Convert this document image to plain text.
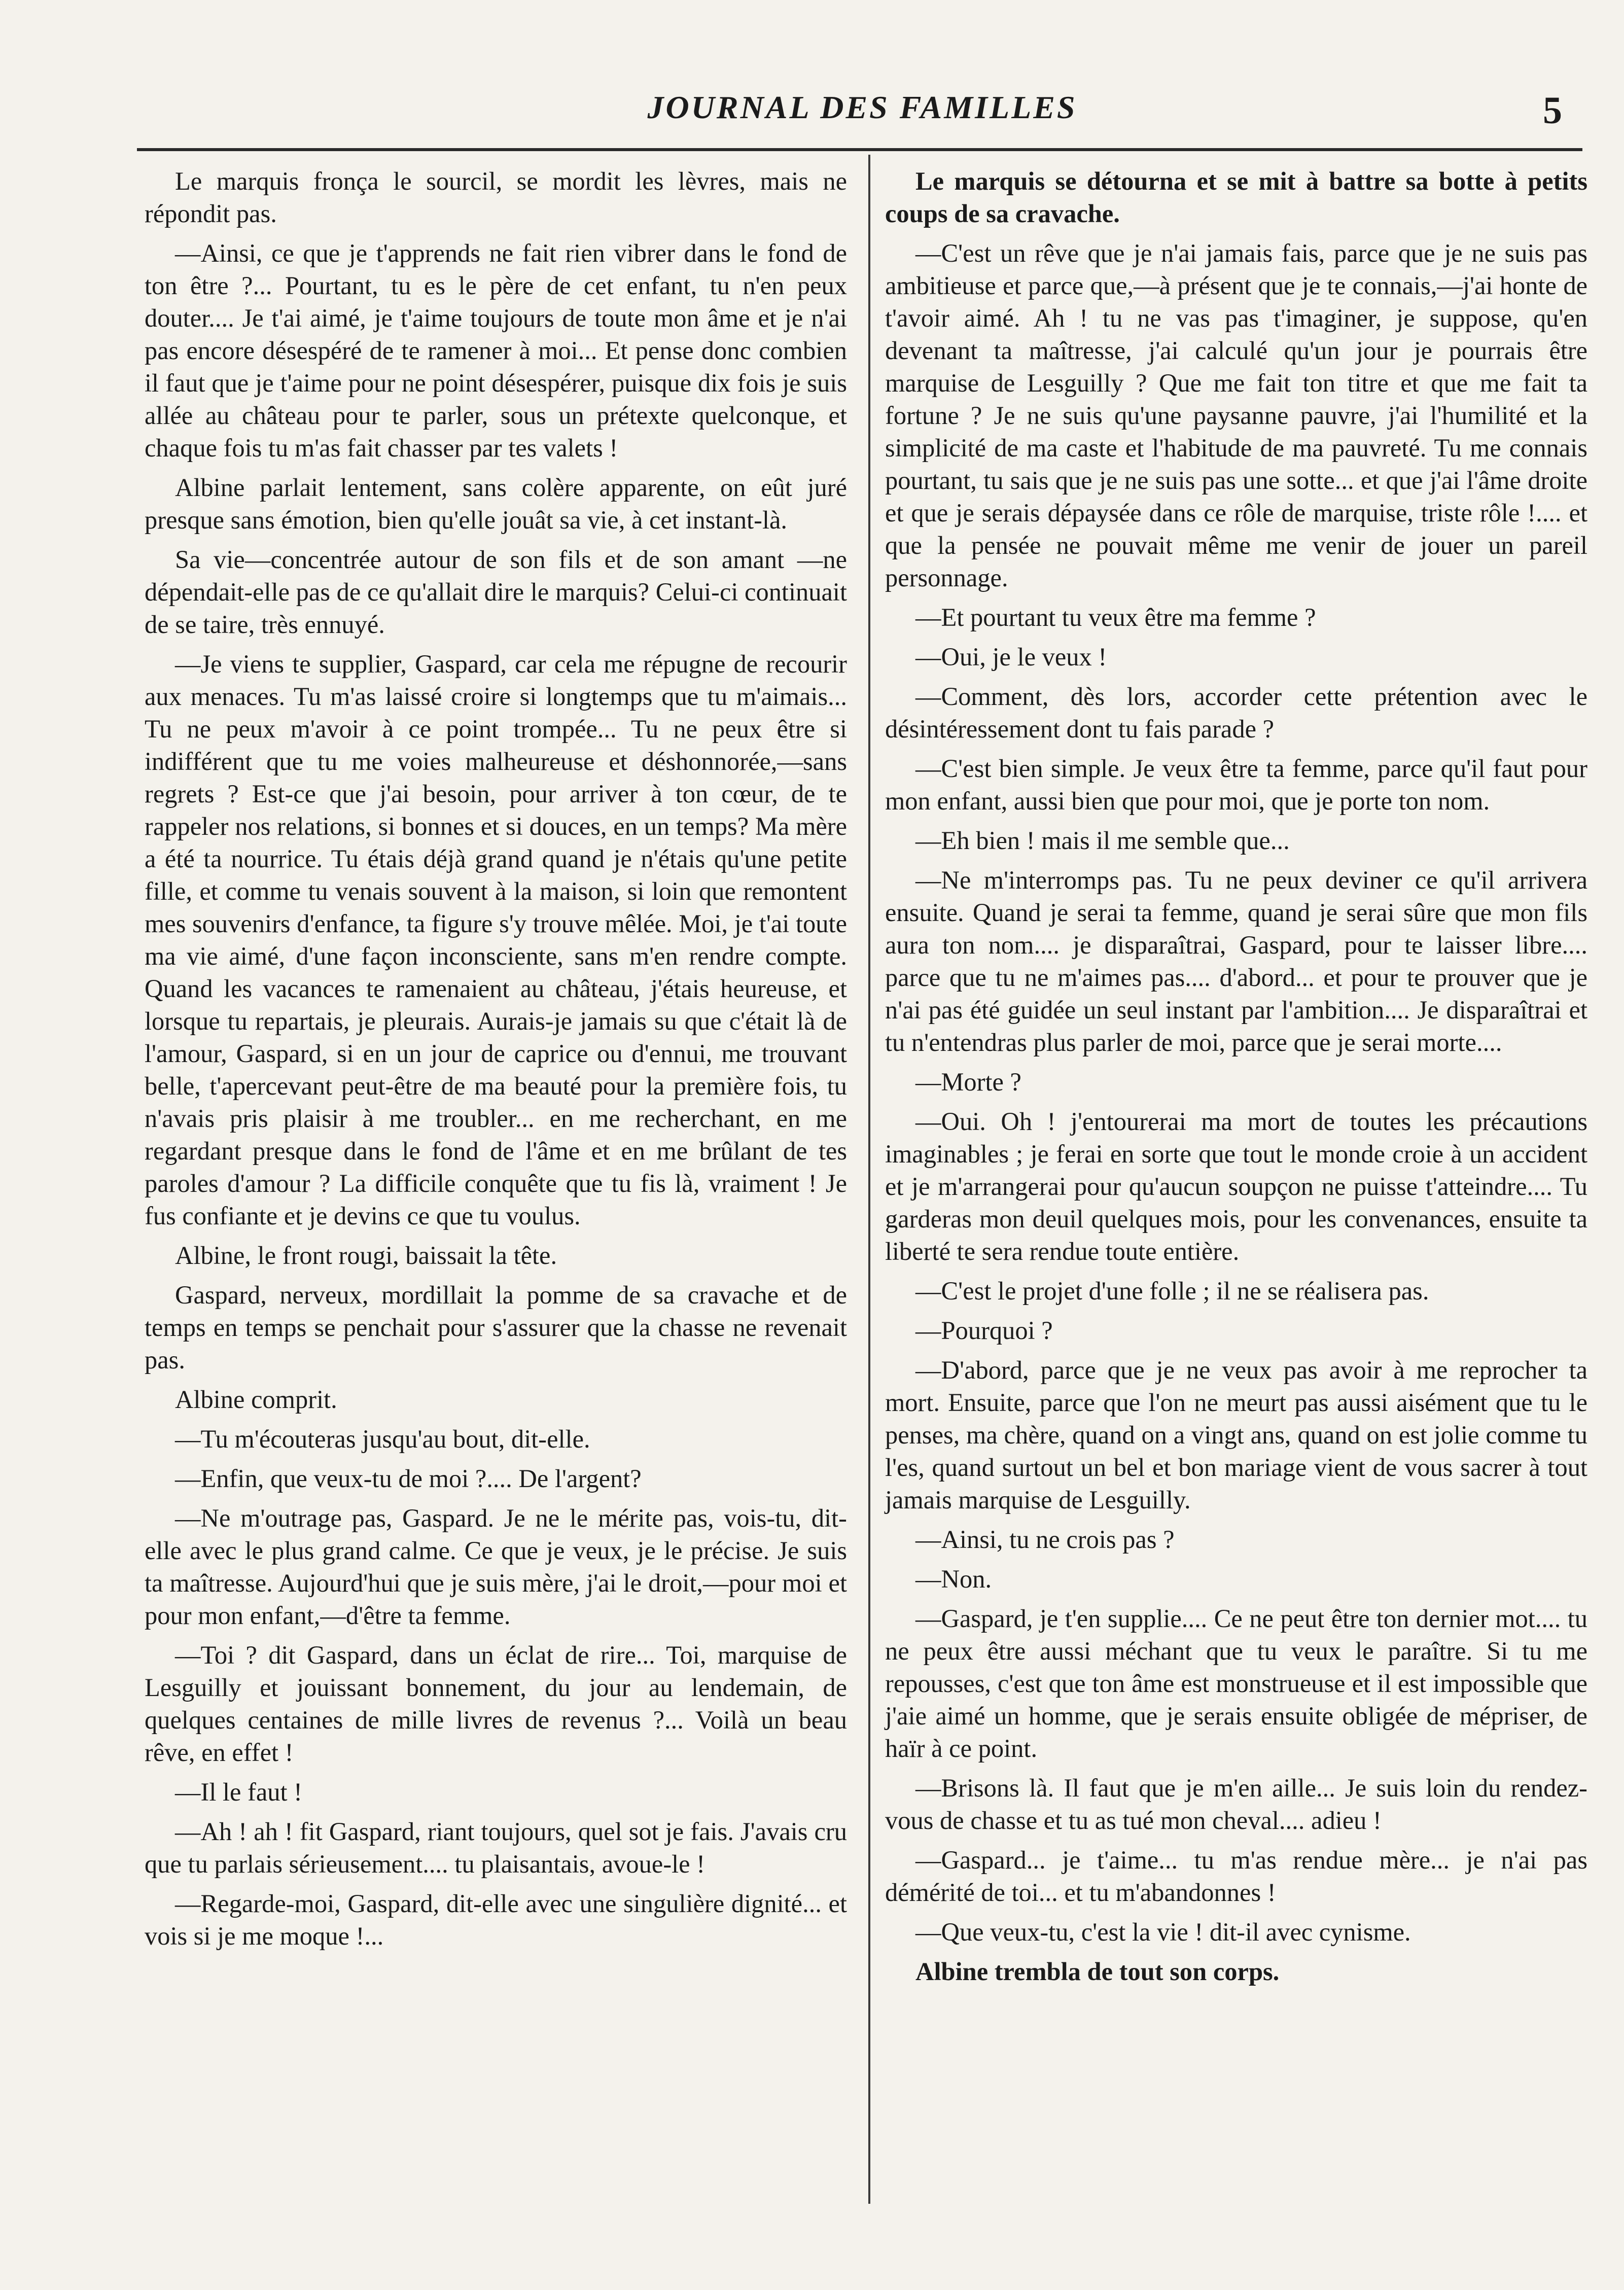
JOURNAL DES FAMILLES	5

Le marquis fronça le sourcil, se mordit les lèvres, mais ne répondit pas.

—Ainsi, ce que je t'apprends ne fait rien vibrer dans le fond de ton être ?... Pourtant, tu es le père de cet enfant, tu n'en peux douter.... Je t'ai aimé, je t'aime toujours de toute mon âme et je n'ai pas encore désespéré de te ramener à moi... Et pense donc combien il faut que je t'aime pour ne point désespérer, puisque dix fois je suis allée au château pour te parler, sous un prétexte quelconque, et chaque fois tu m'as fait chasser par tes valets !

Albine parlait lentement, sans colère apparente, on eût juré presque sans émotion, bien qu'elle jouât sa vie, à cet instant-là.

Sa vie—concentrée autour de son fils et de son amant —ne dépendait-elle pas de ce qu'allait dire le marquis? Celui-ci continuait de se taire, très ennuyé.

—Je viens te supplier, Gaspard, car cela me répugne de recourir aux menaces. Tu m'as laissé croire si longtemps que tu m'aimais... Tu ne peux m'avoir à ce point trompée... Tu ne peux être si indifférent que tu me voies malheureuse et déshonnorée,—sans regrets ? Est-ce que j'ai besoin, pour arriver à ton cœur, de te rappeler nos relations, si bonnes et si douces, en un temps? Ma mère a été ta nourrice. Tu étais déjà grand quand je n'étais qu'une petite fille, et comme tu venais souvent à la maison, si loin que remontent mes souvenirs d'enfance, ta figure s'y trouve mêlée. Moi, je t'ai toute ma vie aimé, d'une façon inconsciente, sans m'en rendre compte. Quand les vacances te ramenaient au château, j'étais heureuse, et lorsque tu repartais, je pleurais. Aurais-je jamais su que c'était là de l'amour, Gaspard, si en un jour de caprice ou d'ennui, me trouvant belle, t'apercevant peut-être de ma beauté pour la première fois, tu n'avais pris plaisir à me troubler... en me recherchant, en me regardant presque dans le fond de l'âme et en me brûlant de tes paroles d'amour ? La difficile conquête que tu fis là, vraiment ! Je fus confiante et je devins ce que tu voulus.

Albine, le front rougi, baissait la tête.

Gaspard, nerveux, mordillait la pomme de sa cravache et de temps en temps se penchait pour s'assurer que la chasse ne revenait pas.

Albine comprit.

—Tu m'écouteras jusqu'au bout, dit-elle.

—Enfin, que veux-tu de moi ?.... De l'argent?

—Ne m'outrage pas, Gaspard. Je ne le mérite pas, vois-tu, dit-elle avec le plus grand calme. Ce que je veux, je le précise. Je suis ta maîtresse. Aujourd'hui que je suis mère, j'ai le droit,—pour moi et pour mon enfant,—d'être ta femme.

—Toi ? dit Gaspard, dans un éclat de rire... Toi, marquise de Lesguilly et jouissant bonnement, du jour au lendemain, de quelques centaines de mille livres de revenus ?... Voilà un beau rêve, en effet !

—Il le faut !

—Ah ! ah ! fit Gaspard, riant toujours, quel sot je fais. J'avais cru que tu parlais sérieusement.... tu plaisantais, avoue-le !

—Regarde-moi, Gaspard, dit-elle avec une singulière dignité... et vois si je me moque !...

Le marquis se détourna et se mit à battre sa botte à petits coups de sa cravache.

—C'est un rêve que je n'ai jamais fais, parce que je ne suis pas ambitieuse et parce que,—à présent que je te connais,—j'ai honte de t'avoir aimé. Ah ! tu ne vas pas t'imaginer, je suppose, qu'en devenant ta maîtresse, j'ai calculé qu'un jour je pourrais être marquise de Lesguilly ? Que me fait ton titre et que me fait ta fortune ? Je ne suis qu'une paysanne pauvre, j'ai l'humilité et la simplicité de ma caste et l'habitude de ma pauvreté. Tu me connais pourtant, tu sais que je ne suis pas une sotte... et que j'ai l'âme droite et que je serais dépaysée dans ce rôle de marquise, triste rôle !.... et que la pensée ne pouvait même me venir de jouer un pareil personnage.

—Et pourtant tu veux être ma femme ?

—Oui, je le veux !

—Comment, dès lors, accorder cette prétention avec le désintéressement dont tu fais parade ?

—C'est bien simple. Je veux être ta femme, parce qu'il faut pour mon enfant, aussi bien que pour moi, que je porte ton nom.

—Eh bien ! mais il me semble que...

—Ne m'interromps pas. Tu ne peux deviner ce qu'il arrivera ensuite. Quand je serai ta femme, quand je serai sûre que mon fils aura ton nom.... je disparaîtrai, Gaspard, pour te laisser libre.... parce que tu ne m'aimes pas.... d'abord... et pour te prouver que je n'ai pas été guidée un seul instant par l'ambition.... Je disparaîtrai et tu n'entendras plus parler de moi, parce que je serai morte....

—Morte ?

—Oui. Oh ! j'entourerai ma mort de toutes les précautions imaginables ; je ferai en sorte que tout le monde croie à un accident et je m'arrangerai pour qu'aucun soupçon ne puisse t'atteindre.... Tu garderas mon deuil quelques mois, pour les convenances, ensuite ta liberté te sera rendue toute entière.

—C'est le projet d'une folle ; il ne se réalisera pas.

—Pourquoi ?

—D'abord, parce que je ne veux pas avoir à me reprocher ta mort. Ensuite, parce que l'on ne meurt pas aussi aisément que tu le penses, ma chère, quand on a vingt ans, quand on est jolie comme tu l'es, quand surtout un bel et bon mariage vient de vous sacrer à tout jamais marquise de Lesguilly.

—Ainsi, tu ne crois pas ?

—Non.

—Gaspard, je t'en supplie.... Ce ne peut être ton dernier mot.... tu ne peux être aussi méchant que tu veux le paraître. Si tu me repousses, c'est que ton âme est monstrueuse et il est impossible que j'aie aimé un homme, que je serais ensuite obligée de mépriser, de haïr à ce point.

—Brisons là. Il faut que je m'en aille... Je suis loin du rendez-vous de chasse et tu as tué mon cheval.... adieu !

—Gaspard... je t'aime... tu m'as rendue mère... je n'ai pas démérité de toi... et tu m'abandonnes !

—Que veux-tu, c'est la vie ! dit-il avec cynisme.

Albine trembla de tout son corps.
